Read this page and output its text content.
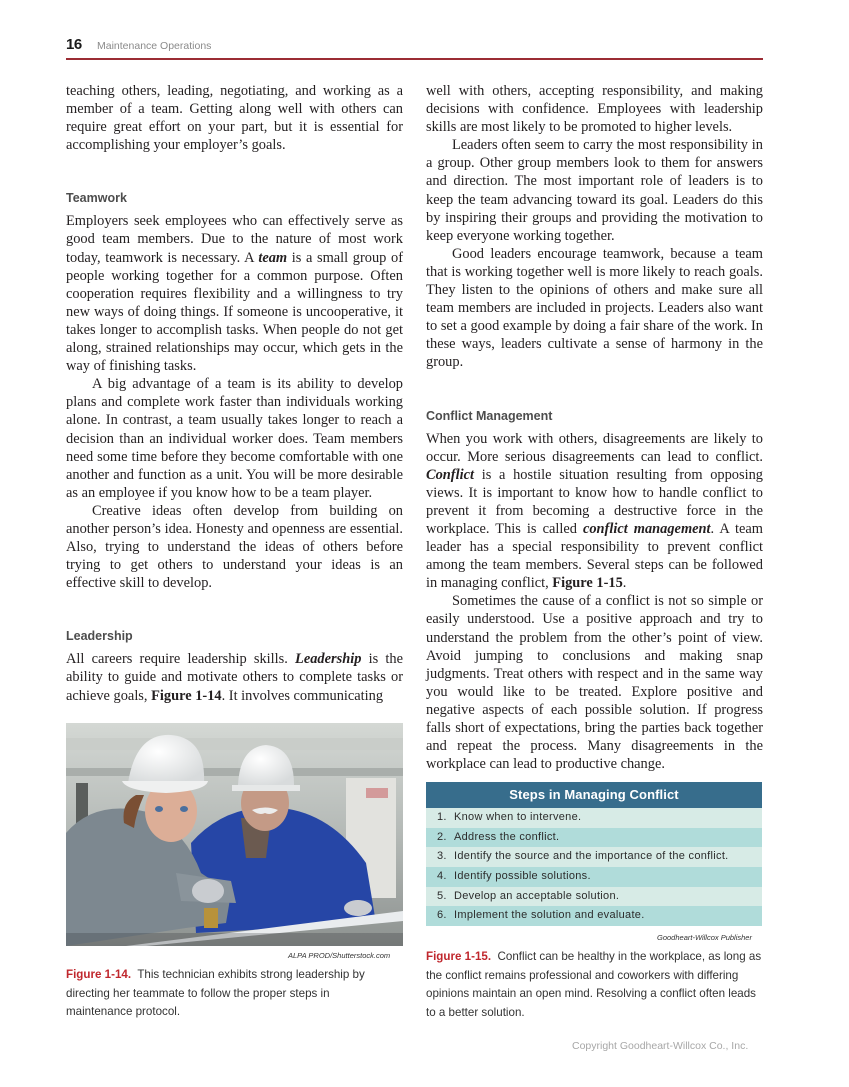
16 Maintenance Operations

teaching others, leading, negotiating, and working as a member of a team. Getting along well with others can require great effort on your part, but it is essential for accomplishing your employer’s goals.

Teamwork

Employers seek employees who can effectively serve as good team members. Due to the nature of most work today, teamwork is necessary. A team is a small group of people working together for a common purpose. Often cooperation requires flexibility and a willingness to try new ways of doing things. If someone is uncooperative, it takes longer to accomplish tasks. When people do not get along, strained relationships may occur, which gets in the way of finishing tasks.

A big advantage of a team is its ability to develop plans and complete work faster than individuals working alone. In contrast, a team usually takes longer to reach a decision than an individual worker does. Team members need some time before they become comfortable with one another and function as a unit. You will be more desirable as an employee if you know how to be a team player.

Creative ideas often develop from building on another person’s idea. Honesty and openness are essential. Also, trying to understand the ideas of others before trying to get others to understand your ideas is an effective skill to develop.

Leadership

All careers require leadership skills. Leadership is the ability to guide and motivate others to complete tasks or achieve goals, Figure 1-14. It involves communicating

ALPA PROD/Shutterstock.com
Figure 1-14. This technician exhibits strong leadership by directing her teammate to follow the proper steps in maintenance protocol.

well with others, accepting responsibility, and making decisions with confidence. Employees with leadership skills are most likely to be promoted to higher levels.

Leaders often seem to carry the most responsibility in a group. Other group members look to them for answers and direction. The most important role of leaders is to keep the team advancing toward its goal. Leaders do this by inspiring their groups and providing the motivation to keep everyone working together.

Good leaders encourage teamwork, because a team that is working together well is more likely to reach goals. They listen to the opinions of others and make sure all team members are included in projects. Leaders also want to set a good example by doing a fair share of the work. In these ways, leaders cultivate a sense of harmony in the group.

Conflict Management

When you work with others, disagreements are likely to occur. More serious disagreements can lead to conflict. Conflict is a hostile situation resulting from opposing views. It is important to know how to handle conflict to prevent it from becoming a destructive force in the workplace. This is called conflict management. A team leader has a special responsibility to prevent conflict among the team members. Several steps can be followed in managing conflict, Figure 1-15.

Sometimes the cause of a conflict is not so simple or easily understood. Use a positive approach and try to understand the problem from the other’s point of view. Avoid jumping to conclusions and making snap judgments. Treat others with respect and in the same way you would like to be treated. Explore positive and negative aspects of each possible solution. If progress falls short of expectations, bring the parties back together and repeat the process. Many disagreements in the workplace can lead to productive change.

Steps in Managing Conflict
1. Know when to intervene.
2. Address the conflict.
3. Identify the source and the importance of the conflict.
4. Identify possible solutions.
5. Develop an acceptable solution.
6. Implement the solution and evaluate.
Goodheart-Willcox Publisher
Figure 1-15. Conflict can be healthy in the workplace, as long as the conflict remains professional and coworkers with differing opinions maintain an open mind. Resolving a conflict often leads to a better solution.
Copyright Goodheart-Willcox Co., Inc.
